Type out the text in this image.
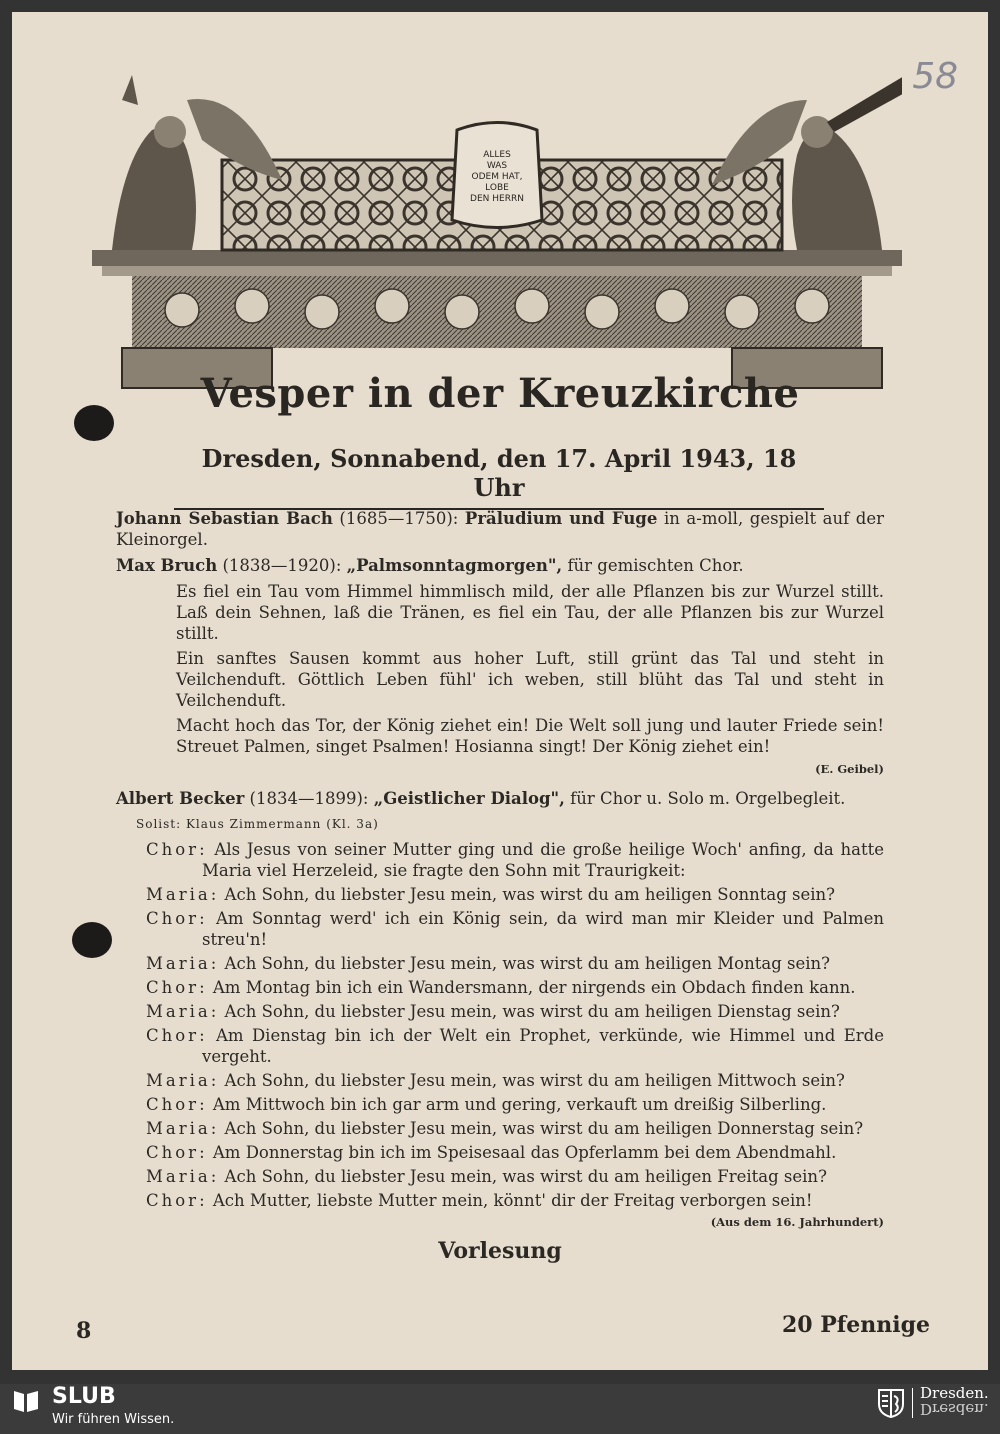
58
ALLES
WAS
ODEM HAT,
LOBE
DEN HERRN
Vesper in der Kreuzkirche
Dresden, Sonnabend, den 17. April 1943, 18 Uhr

Johann Sebastian Bach (1685—1750): Präludium und Fuge in a-moll, gespielt auf der Kleinorgel.

Max Bruch (1838—1920): „Palmsonntagmorgen", für gemischten Chor.

Es fiel ein Tau vom Himmel himmlisch mild, der alle Pflanzen bis zur Wurzel stillt. Laß dein Sehnen, laß die Tränen, es fiel ein Tau, der alle Pflanzen bis zur Wurzel stillt.

Ein sanftes Sausen kommt aus hoher Luft, still grünt das Tal und steht in Veilchenduft. Göttlich Leben fühl' ich weben, still blüht das Tal und steht in Veilchenduft.

Macht hoch das Tor, der König ziehet ein! Die Welt soll jung und lauter Friede sein! Streuet Palmen, singet Psalmen! Hosianna singt! Der König ziehet ein!

(E. Geibel)

Albert Becker (1834—1899): „Geistlicher Dialog", für Chor u. Solo m. Orgelbegleit.

Solist: Klaus Zimmermann (Kl. 3a)

Chor: Als Jesus von seiner Mutter ging und die große heilige Woch' anfing, da hatte Maria viel Herzeleid, sie fragte den Sohn mit Traurigkeit:

Maria: Ach Sohn, du liebster Jesu mein, was wirst du am heiligen Sonntag sein?

Chor: Am Sonntag werd' ich ein König sein, da wird man mir Kleider und Palmen streu'n!

Maria: Ach Sohn, du liebster Jesu mein, was wirst du am heiligen Montag sein?

Chor: Am Montag bin ich ein Wandersmann, der nirgends ein Obdach finden kann.

Maria: Ach Sohn, du liebster Jesu mein, was wirst du am heiligen Dienstag sein?

Chor: Am Dienstag bin ich der Welt ein Prophet, verkünde, wie Himmel und Erde vergeht.

Maria: Ach Sohn, du liebster Jesu mein, was wirst du am heiligen Mittwoch sein?

Chor: Am Mittwoch bin ich gar arm und gering, verkauft um dreißig Silberling.

Maria: Ach Sohn, du liebster Jesu mein, was wirst du am heiligen Donnerstag sein?

Chor: Am Donnerstag bin ich im Speisesaal das Opferlamm bei dem Abendmahl.

Maria: Ach Sohn, du liebster Jesu mein, was wirst du am heiligen Freitag sein?

Chor: Ach Mutter, liebste Mutter mein, könnt' dir der Freitag verborgen sein!

(Aus dem 16. Jahrhundert)
Vorlesung
8	20 Pfennige
SLUB
Wir führen Wissen.
Dresden.
Dresden.
